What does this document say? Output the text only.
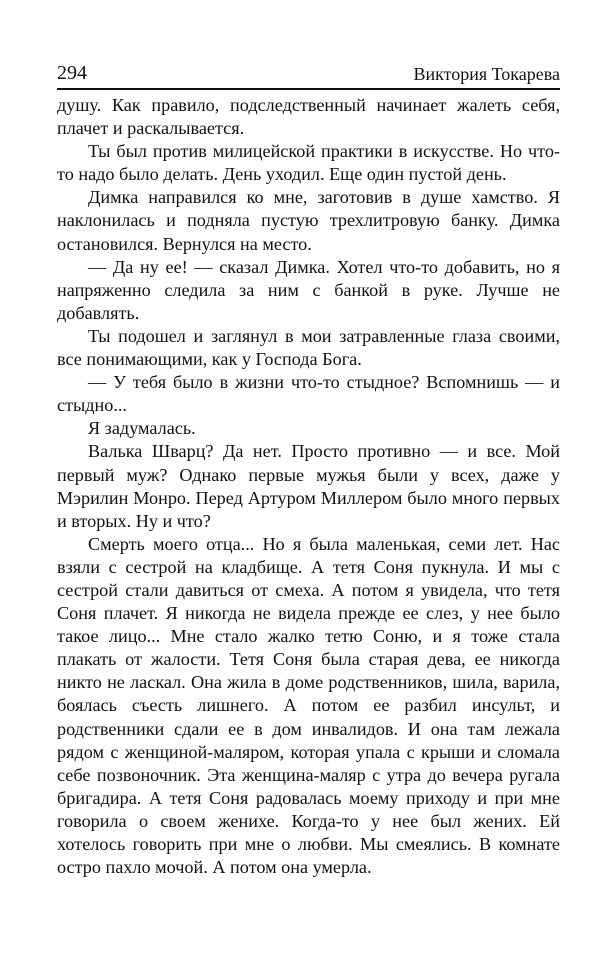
294	Виктория Токарева

душу. Как правило, подследственный начинает жалеть себя, плачет и раскалывается.

Ты был против милицейской практики в искусстве. Но что-то надо было делать. День уходил. Еще один пустой день.

Димка направился ко мне, заготовив в душе хамство. Я наклонилась и подняла пустую трехлитровую банку. Димка остановился. Вернулся на место.

— Да ну ее! — сказал Димка. Хотел что-то добавить, но я напряженно следила за ним с банкой в руке. Лучше не добавлять.

Ты подошел и заглянул в мои затравленные глаза своими, все понимающими, как у Господа Бога.

— У тебя было в жизни что-то стыдное? Вспомнишь — и стыдно...

Я задумалась.

Валька Шварц? Да нет. Просто противно — и все. Мой первый муж? Однако первые мужья были у всех, даже у Мэрилин Монро. Перед Артуром Миллером было много первых и вторых. Ну и что?

Смерть моего отца... Но я была маленькая, семи лет. Нас взяли с сестрой на кладбище. А тетя Соня пукнула. И мы с сестрой стали давиться от смеха. А потом я увидела, что тетя Соня плачет. Я никогда не видела прежде ее слез, у нее было такое лицо... Мне стало жалко тетю Соню, и я тоже стала плакать от жалости. Тетя Соня была старая дева, ее никогда никто не ласкал. Она жила в доме родственников, шила, варила, боялась съесть лишнего. А потом ее разбил инсульт, и родственники сдали ее в дом инвалидов. И она там лежала рядом с женщиной-маляром, которая упала с крыши и сломала себе позвоночник. Эта женщина-маляр с утра до вечера ругала бригадира. А тетя Соня радовалась моему приходу и при мне говорила о своем женихе. Когда-то у нее был жених. Ей хотелось говорить при мне о любви. Мы смеялись. В комнате остро пахло мочой. А потом она умерла.
